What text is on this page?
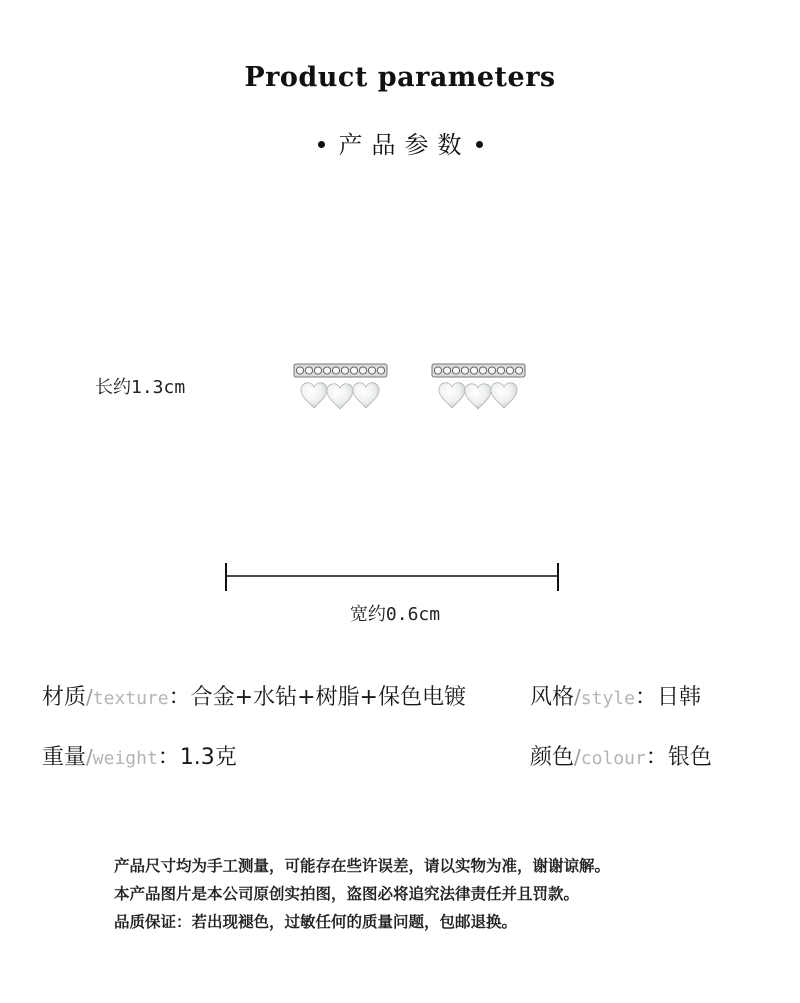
Product parameters
产品参数
长约1.3cm
宽约0.6cm
材质/texture：合金+水钻+树脂+保色电镀	风格/style：日韩
重量/weight：1.3克	颜色/colour：银色
产品尺寸均为手工测量，可能存在些许误差，请以实物为准，谢谢谅解。
本产品图片是本公司原创实拍图，盗图必将追究法律责任并且罚款。
品质保证：若出现褪色，过敏任何的质量问题，包邮退换。
